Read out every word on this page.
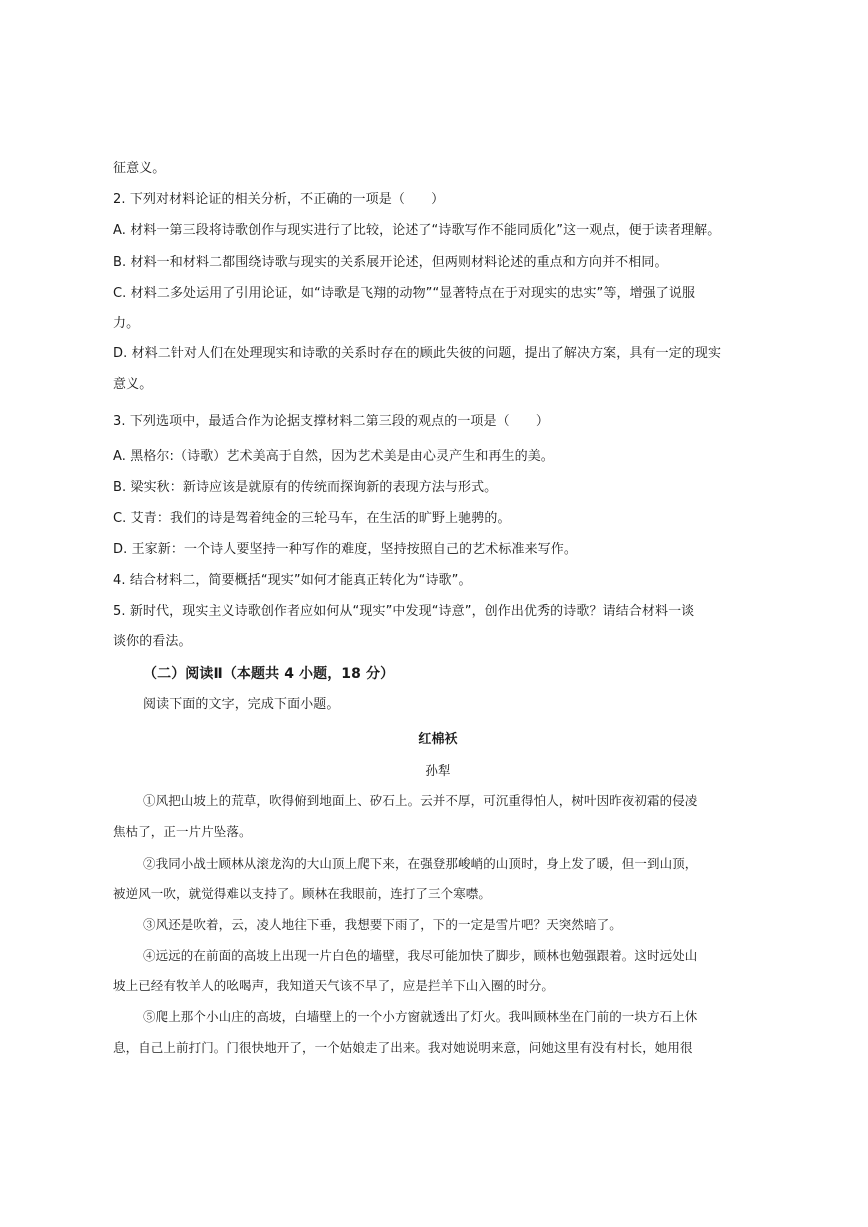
征意义。
2. 下列对材料论证的相关分析，不正确的一项是（　　）
A. 材料一第三段将诗歌创作与现实进行了比较，论述了“诗歌写作不能同质化”这一观点，便于读者理解。
B. 材料一和材料二都围绕诗歌与现实的关系展开论述，但两则材料论述的重点和方向并不相同。
C. 材料二多处运用了引用论证，如“诗歌是飞翔的动物”“显著特点在于对现实的忠实”等，增强了说服
力。
D. 材料二针对人们在处理现实和诗歌的关系时存在的顾此失彼的问题，提出了解决方案，具有一定的现实
意义。
3. 下列选项中，最适合作为论据支撑材料二第三段的观点的一项是（　　）
A. 黑格尔:（诗歌）艺术美高于自然，因为艺术美是由心灵产生和再生的美。
B. 梁实秋：新诗应该是就原有的传统而探询新的表现方法与形式。
C. 艾青：我们的诗是驾着纯金的三轮马车，在生活的旷野上驰骋的。
D. 王家新：一个诗人要坚持一种写作的难度，坚持按照自己的艺术标准来写作。
4. 结合材料二，简要概括“现实”如何才能真正转化为“诗歌”。
5. 新时代，现实主义诗歌创作者应如何从“现实”中发现“诗意”，创作出优秀的诗歌？请结合材料一谈
谈你的看法。
（二）阅读Ⅱ（本题共 4 小题，18 分）
阅读下面的文字，完成下面小题。
红棉袄
孙犁
①风把山坡上的荒草，吹得俯到地面上、矽石上。云并不厚，可沉重得怕人，树叶因昨夜初霜的侵凌
焦枯了，正一片片坠落。
②我同小战士顾林从滚龙沟的大山顶上爬下来，在强登那峻峭的山顶时，身上发了暖，但一到山顶，
被逆风一吹，就觉得难以支持了。顾林在我眼前，连打了三个寒噤。
③风还是吹着，云，凌人地往下垂，我想要下雨了，下的一定是雪片吧？天突然暗了。
④远远的在前面的高坡上出现一片白色的墙壁，我尽可能加快了脚步，顾林也勉强跟着。这时远处山
坡上已经有牧羊人的吆喝声，我知道天气该不早了，应是拦羊下山入圈的时分。
⑤爬上那个小山庄的高坡，白墙壁上的一个小方窗就透出了灯火。我叫顾林坐在门前的一块方石上休
息，自己上前打门。门很快地开了，一个姑娘走了出来。我对她说明来意，问她这里有没有村长，她用很
